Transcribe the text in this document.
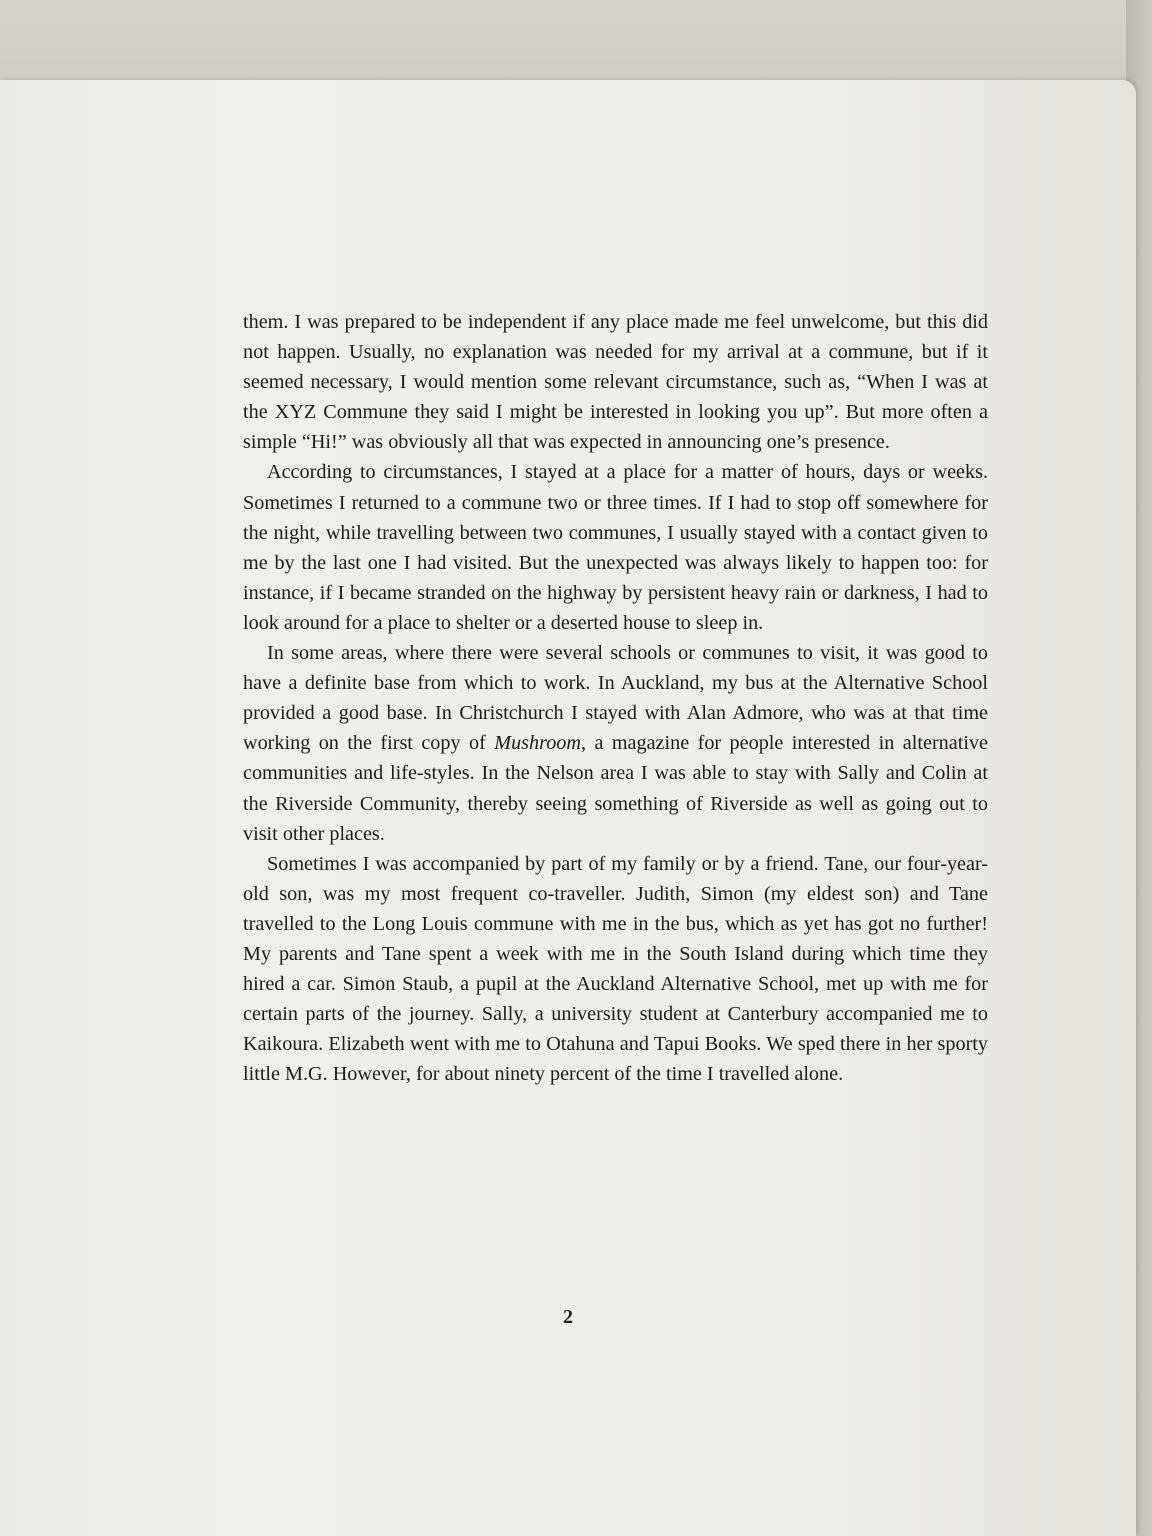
them. I was prepared to be independent if any place made me feel unwelcome, but this did not happen. Usually, no explanation was needed for my arrival at a commune, but if it seemed necessary, I would mention some relevant circumstance, such as, “When I was at the XYZ Commune they said I might be interested in looking you up”. But more often a simple “Hi!” was obviously all that was expected in announcing one’s presence.

According to circumstances, I stayed at a place for a matter of hours, days or weeks. Sometimes I returned to a commune two or three times. If I had to stop off somewhere for the night, while travelling between two communes, I usually stayed with a contact given to me by the last one I had visited. But the unexpected was always likely to happen too: for instance, if I became stranded on the highway by persistent heavy rain or darkness, I had to look around for a place to shelter or a deserted house to sleep in.

In some areas, where there were several schools or communes to visit, it was good to have a definite base from which to work. In Auckland, my bus at the Alternative School provided a good base. In Christchurch I stayed with Alan Admore, who was at that time working on the first copy of Mushroom, a magazine for people interested in alternative communities and life-styles. In the Nelson area I was able to stay with Sally and Colin at the Riverside Community, thereby seeing something of Riverside as well as going out to visit other places.

Sometimes I was accompanied by part of my family or by a friend. Tane, our four-year-old son, was my most frequent co-traveller. Judith, Simon (my eldest son) and Tane travelled to the Long Louis commune with me in the bus, which as yet has got no further! My parents and Tane spent a week with me in the South Island during which time they hired a car. Simon Staub, a pupil at the Auckland Alternative School, met up with me for certain parts of the journey. Sally, a university student at Canterbury accompanied me to Kaikoura. Elizabeth went with me to Otahuna and Tapui Books. We sped there in her sporty little M.G. However, for about ninety percent of the time I travelled alone.

2
